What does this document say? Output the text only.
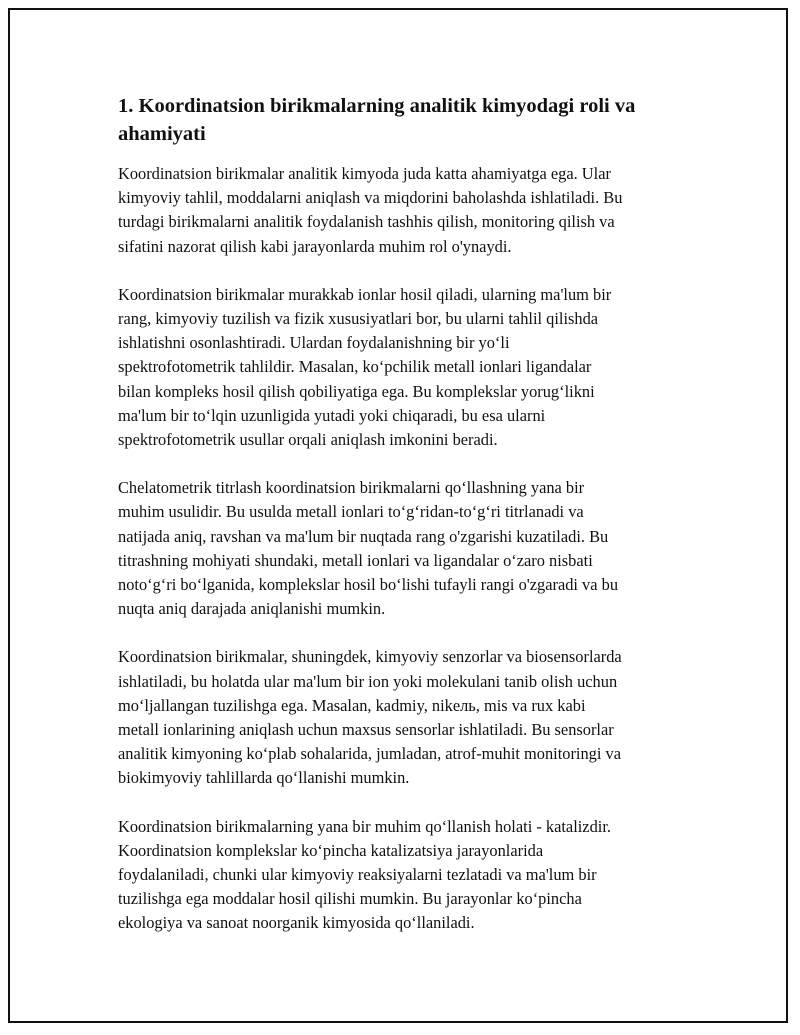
1. Koordinatsion birikmalarning analitik kimyodagi roli va
ahamiyati

Koordinatsion birikmalar analitik kimyoda juda katta ahamiyatga ega. Ular
kimyoviy tahlil, moddalarni aniqlash va miqdorini baholashda ishlatiladi. Bu
turdagi birikmalarni analitik foydalanish tashhis qilish, monitoring qilish va
sifatini nazorat qilish kabi jarayonlarda muhim rol o'ynaydi.

Koordinatsion birikmalar murakkab ionlar hosil qiladi, ularning ma'lum bir
rang, kimyoviy tuzilish va fizik xususiyatlari bor, bu ularni tahlil qilishda
ishlatishni osonlashtiradi. Ulardan foydalanishning bir yo‘li
spektrofotometrik tahlildir. Masalan, ko‘pchilik metall ionlari ligandalar
bilan kompleks hosil qilish qobiliyatiga ega. Bu komplekslar yorug‘likni
ma'lum bir to‘lqin uzunligida yutadi yoki chiqaradi, bu esa ularni
spektrofotometrik usullar orqali aniqlash imkonini beradi.

Chelatometrik titrlash koordinatsion birikmalarni qo‘llashning yana bir
muhim usulidir. Bu usulda metall ionlari to‘g‘ridan-to‘g‘ri titrlanadi va
natijada aniq, ravshan va ma'lum bir nuqtada rang o'zgarishi kuzatiladi. Bu
titrashning mohiyati shundaki, metall ionlari va ligandalar o‘zaro nisbati
noto‘g‘ri bo‘lganida, komplekslar hosil bo‘lishi tufayli rangi o'zgaradi va bu
nuqta aniq darajada aniqlanishi mumkin.

Koordinatsion birikmalar, shuningdek, kimyoviy senzorlar va biosensorlarda
ishlatiladi, bu holatda ular ma'lum bir ion yoki molekulani tanib olish uchun
mo‘ljallangan tuzilishga ega. Masalan, kadmiy, nikель, mis va rux kabi
metall ionlarining aniqlash uchun maxsus sensorlar ishlatiladi. Bu sensorlar
analitik kimyoning ko‘plab sohalarida, jumladan, atrof-muhit monitoringi va
biokimyoviy tahlillarda qo‘llanishi mumkin.

Koordinatsion birikmalarning yana bir muhim qo‘llanish holati - katalizdir.
Koordinatsion komplekslar ko‘pincha katalizatsiya jarayonlarida
foydalaniladi, chunki ular kimyoviy reaksiyalarni tezlatadi va ma'lum bir
tuzilishga ega moddalar hosil qilishi mumkin. Bu jarayonlar ko‘pincha
ekologiya va sanoat noorganik kimyosida qo‘llaniladi.
